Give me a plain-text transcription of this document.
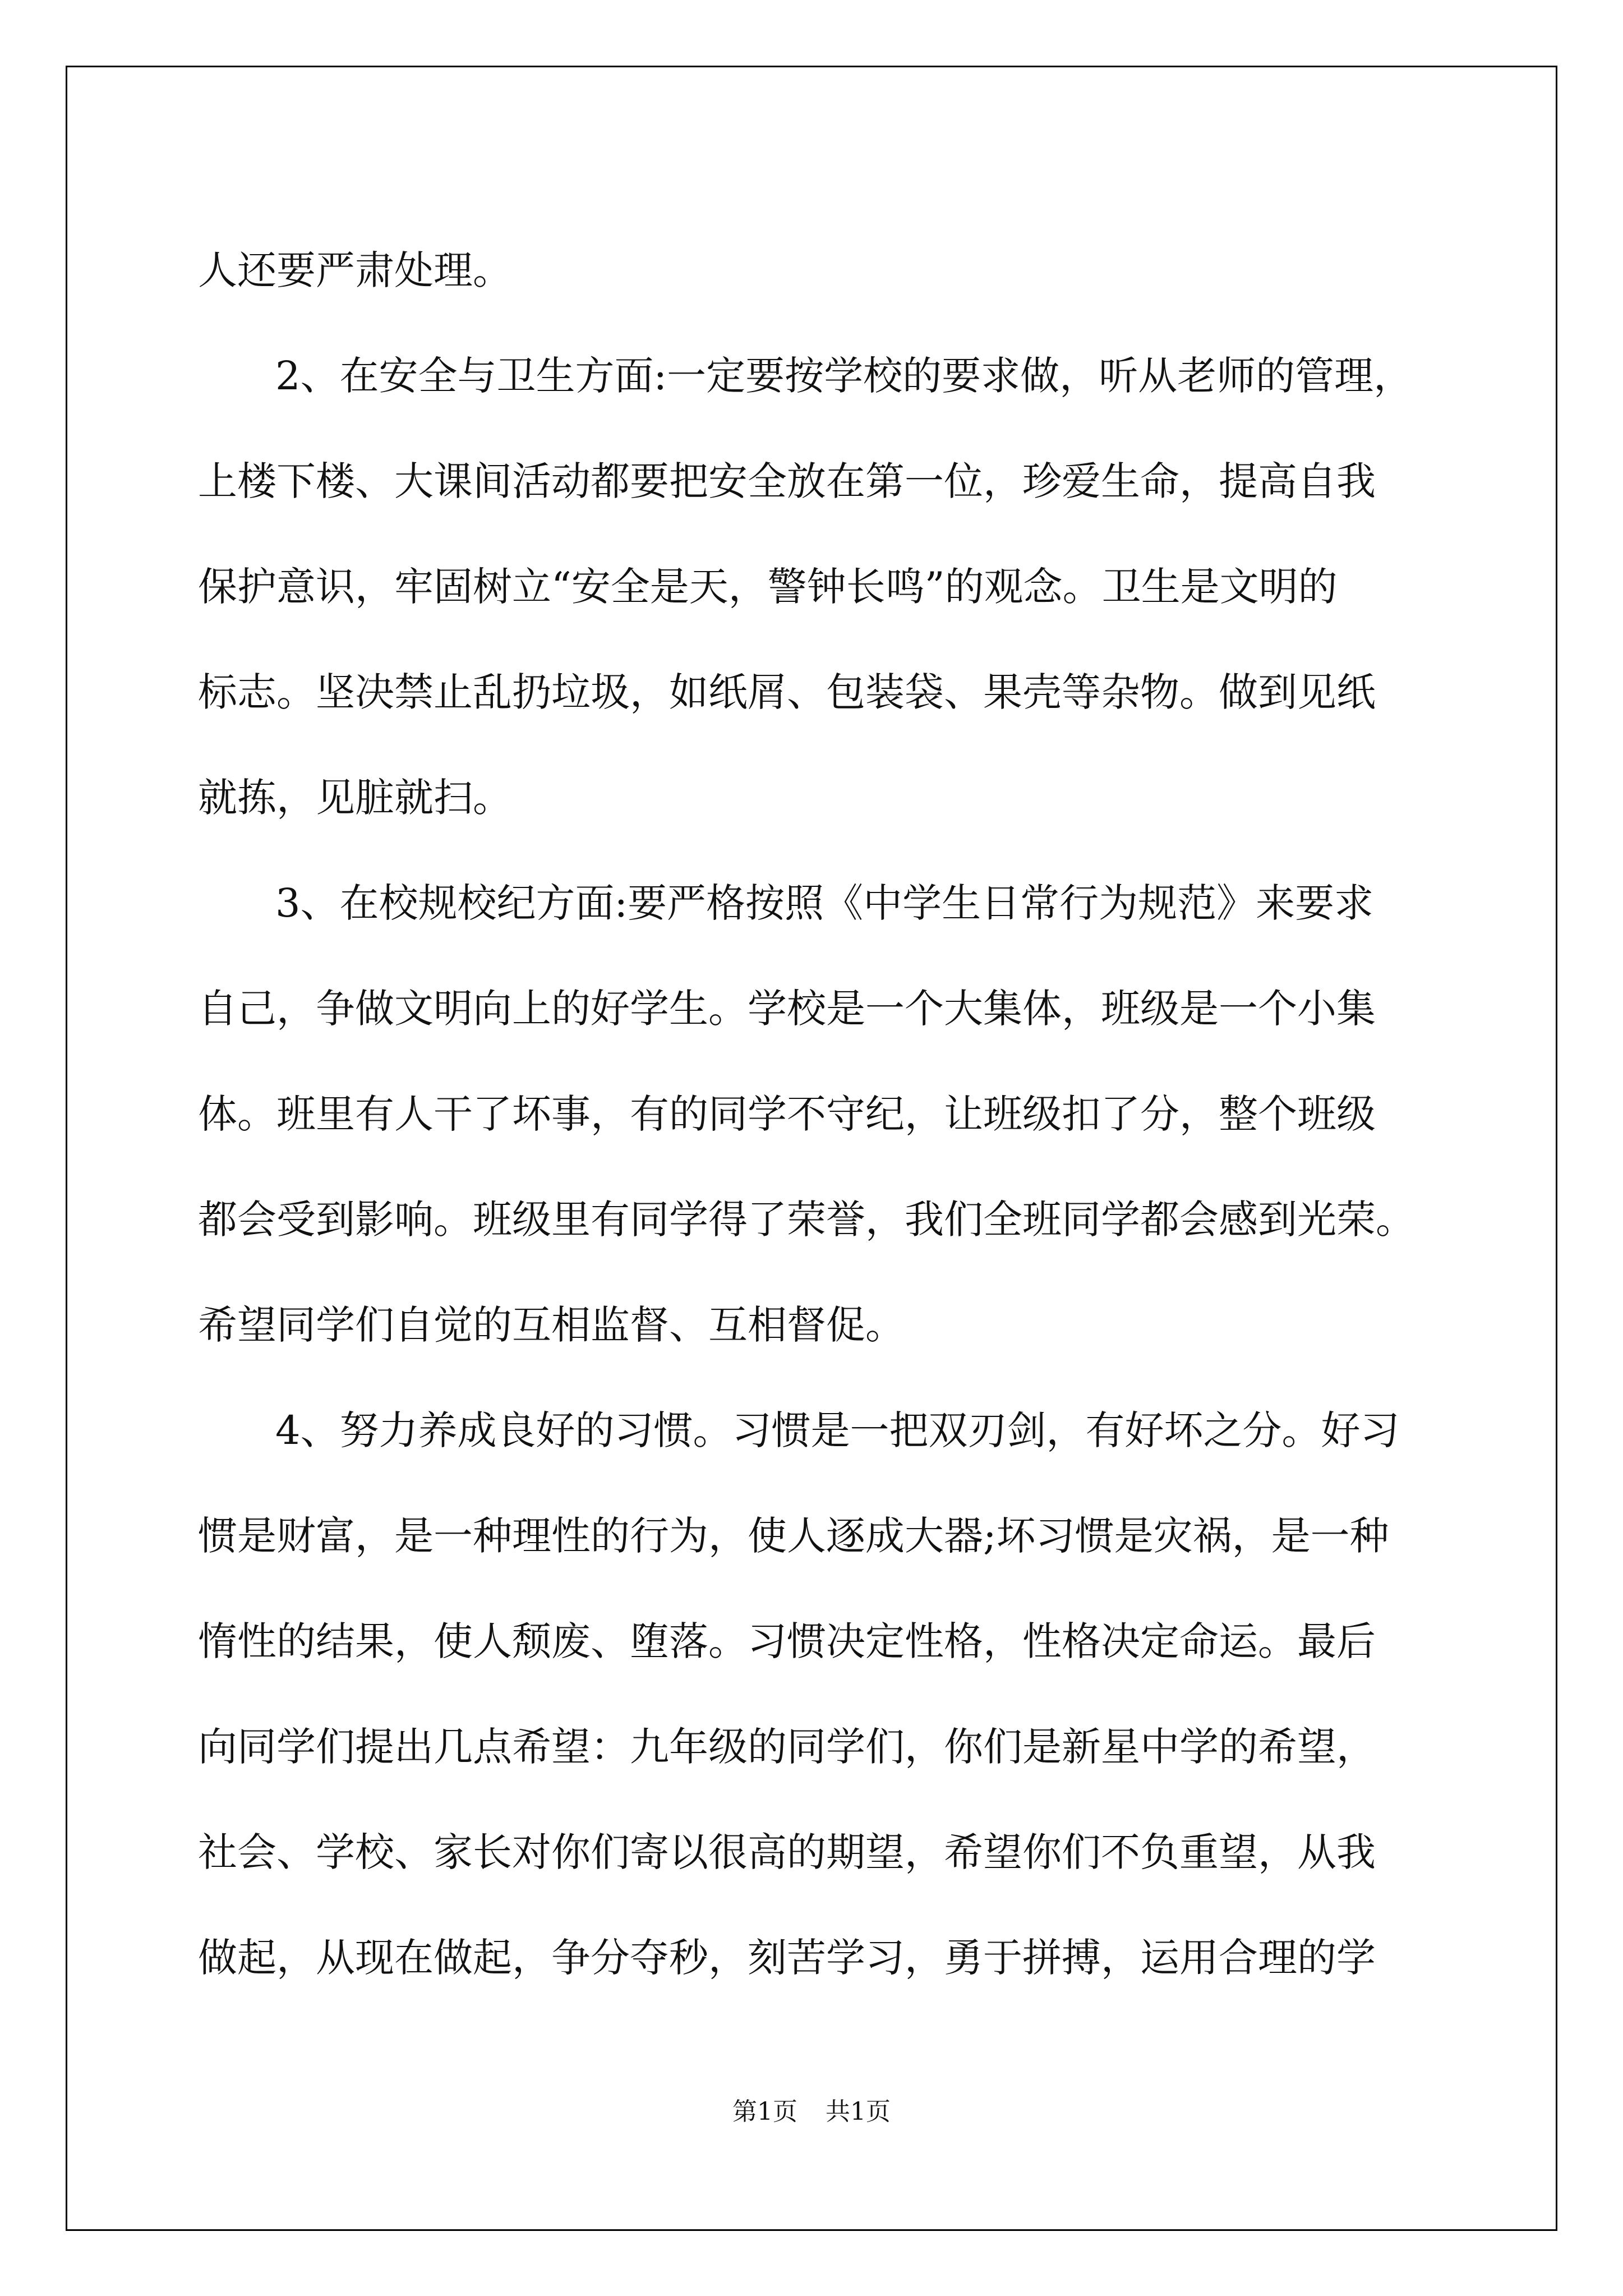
人还要严肃处理。
2、在安全与卫生方面:一定要按学校的要求做，听从老师的管理，
上楼下楼、大课间活动都要把安全放在第一位，珍爱生命，提高自我
保护意识，牢固树立“安全是天，警钟长鸣”的观念。卫生是文明的
标志。坚决禁止乱扔垃圾，如纸屑、包装袋、果壳等杂物。做到见纸
就拣，见脏就扫。
3、在校规校纪方面:要严格按照《中学生日常行为规范》来要求
自己，争做文明向上的好学生。学校是一个大集体，班级是一个小集
体。班里有人干了坏事，有的同学不守纪，让班级扣了分，整个班级
都会受到影响。班级里有同学得了荣誉，我们全班同学都会感到光荣。
希望同学们自觉的互相监督、互相督促。
4、努力养成良好的习惯。习惯是一把双刃剑，有好坏之分。好习
惯是财富，是一种理性的行为，使人逐成大器;坏习惯是灾祸，是一种
惰性的结果，使人颓废、堕落。习惯决定性格，性格决定命运。最后
向同学们提出几点希望：九年级的同学们，你们是新星中学的希望，
社会、学校、家长对你们寄以很高的期望，希望你们不负重望，从我
做起，从现在做起，争分夺秒，刻苦学习，勇于拼搏，运用合理的学
第1页 共1页
